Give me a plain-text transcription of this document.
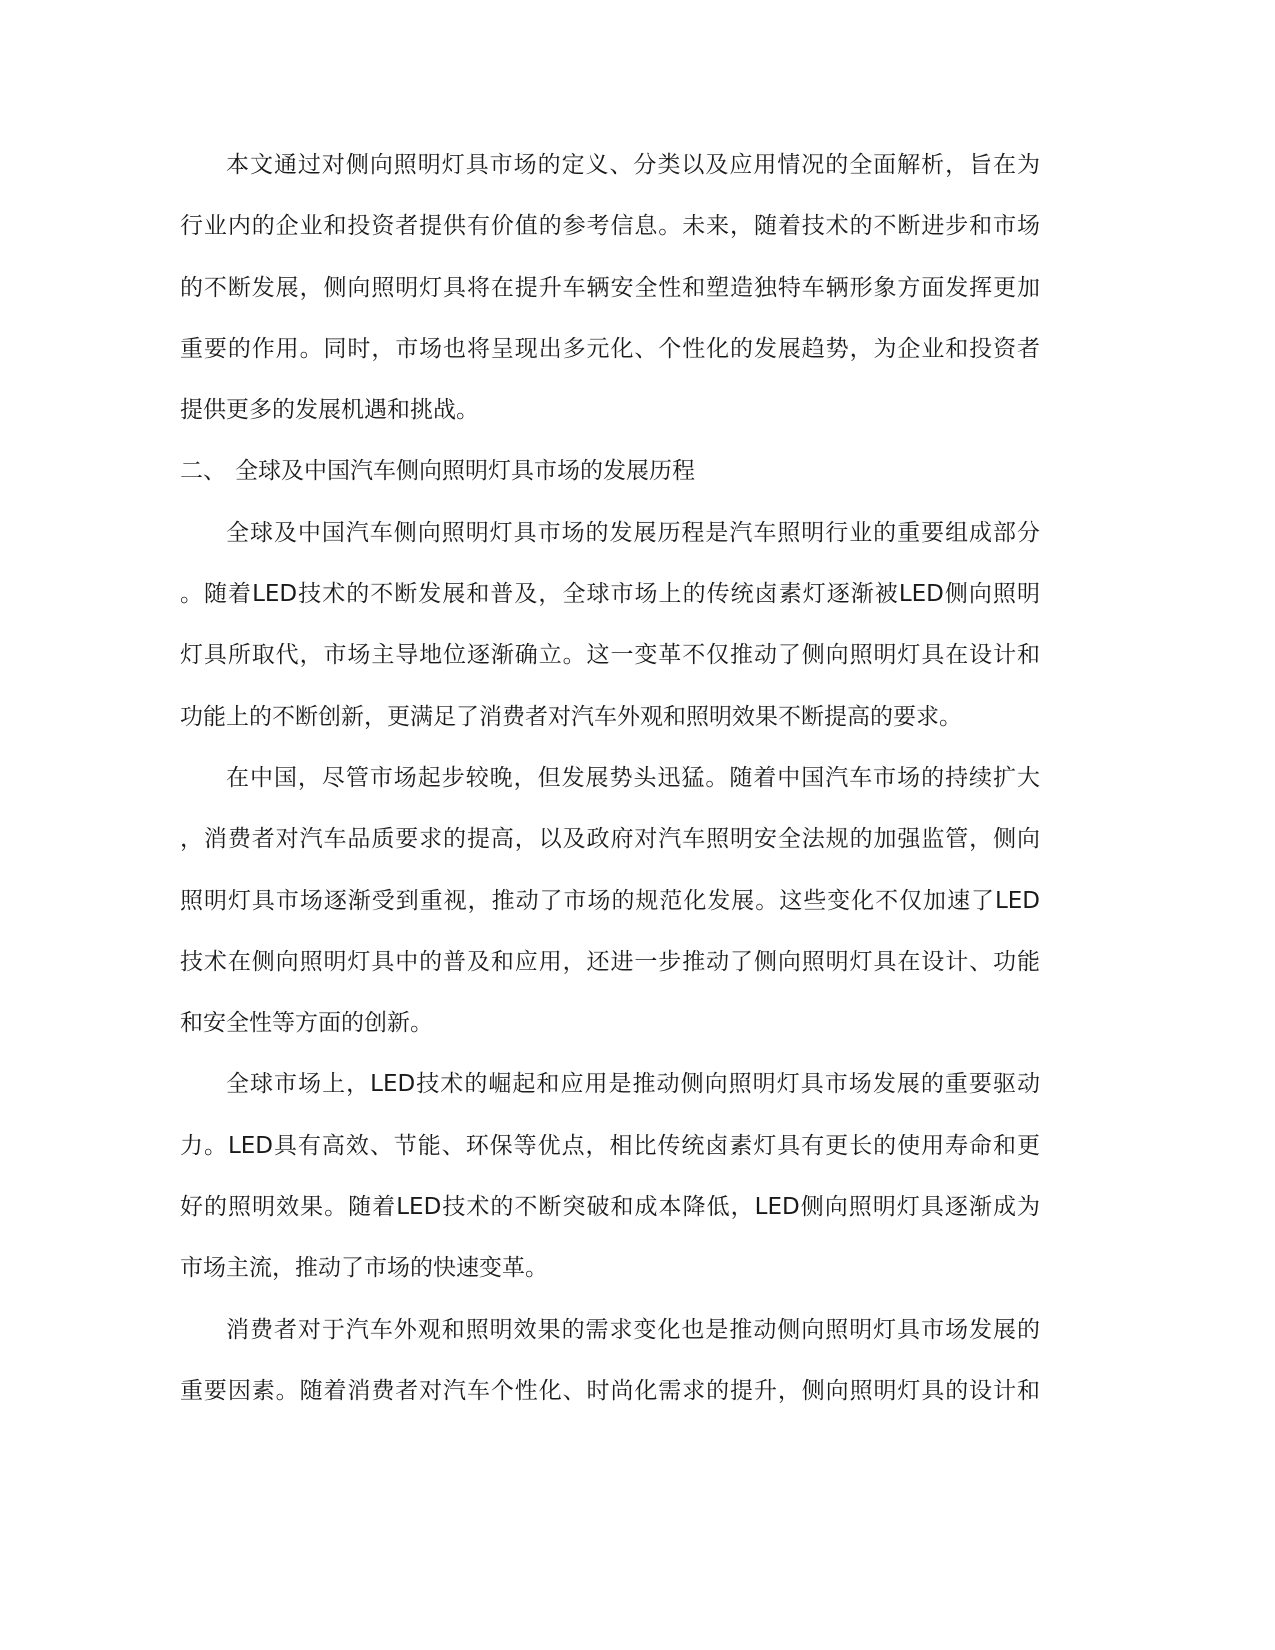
本文通过对侧向照明灯具市场的定义、分类以及应用情况的全面解析，旨在为
行业内的企业和投资者提供有价值的参考信息。未来，随着技术的不断进步和市场
的不断发展，侧向照明灯具将在提升车辆安全性和塑造独特车辆形象方面发挥更加
重要的作用。同时，市场也将呈现出多元化、个性化的发展趋势，为企业和投资者
提供更多的发展机遇和挑战。
二、 全球及中国汽车侧向照明灯具市场的发展历程
全球及中国汽车侧向照明灯具市场的发展历程是汽车照明行业的重要组成部分
。随着LED技术的不断发展和普及，全球市场上的传统卤素灯逐渐被LED侧向照明
灯具所取代，市场主导地位逐渐确立。这一变革不仅推动了侧向照明灯具在设计和
功能上的不断创新，更满足了消费者对汽车外观和照明效果不断提高的要求。
在中国，尽管市场起步较晚，但发展势头迅猛。随着中国汽车市场的持续扩大
，消费者对汽车品质要求的提高，以及政府对汽车照明安全法规的加强监管，侧向
照明灯具市场逐渐受到重视，推动了市场的规范化发展。这些变化不仅加速了LED
技术在侧向照明灯具中的普及和应用，还进一步推动了侧向照明灯具在设计、功能
和安全性等方面的创新。
全球市场上，LED技术的崛起和应用是推动侧向照明灯具市场发展的重要驱动
力。LED具有高效、节能、环保等优点，相比传统卤素灯具有更长的使用寿命和更
好的照明效果。随着LED技术的不断突破和成本降低，LED侧向照明灯具逐渐成为
市场主流，推动了市场的快速变革。
消费者对于汽车外观和照明效果的需求变化也是推动侧向照明灯具市场发展的
重要因素。随着消费者对汽车个性化、时尚化需求的提升，侧向照明灯具的设计和
